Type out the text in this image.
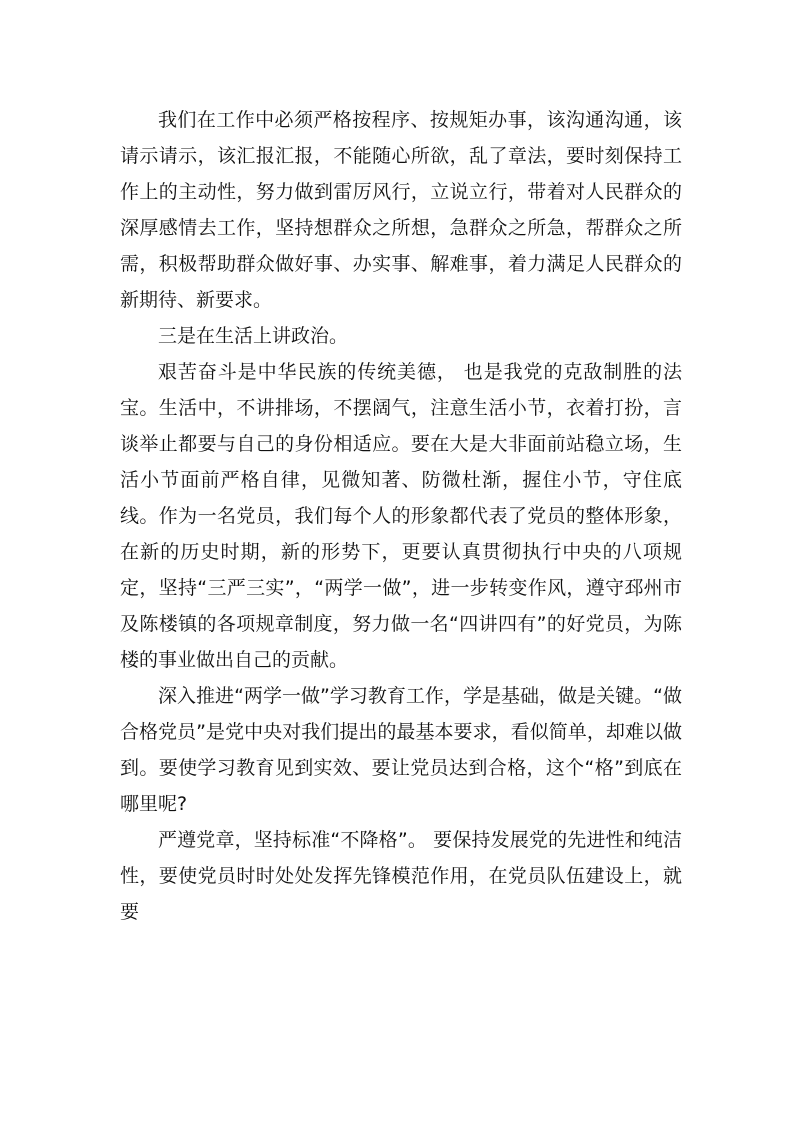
我们在工作中必须严格按程序、按规矩办事，该沟通沟通，该请示请示，该汇报汇报，不能随心所欲，乱了章法，要时刻保持工作上的主动性，努力做到雷厉风行，立说立行，带着对人民群众的深厚感情去工作，坚持想群众之所想，急群众之所急，帮群众之所需，积极帮助群众做好事、办实事、解难事，着力满足人民群众的新期待、新要求。

三是在生活上讲政治。

艰苦奋斗是中华民族的传统美德， 也是我党的克敌制胜的法宝。生活中，不讲排场，不摆阔气，注意生活小节，衣着打扮，言谈举止都要与自己的身份相适应。要在大是大非面前站稳立场，生活小节面前严格自律，见微知著、防微杜渐，握住小节，守住底线。作为一名党员，我们每个人的形象都代表了党员的整体形象，在新的历史时期，新的形势下，更要认真贯彻执行中央的八项规定，坚持“三严三实”，“两学一做”，进一步转变作风，遵守邳州市及陈楼镇的各项规章制度，努力做一名“四讲四有”的好党员，为陈楼的事业做出自己的贡献。

深入推进“两学一做”学习教育工作，学是基础，做是关键。“做合格党员”是党中央对我们提出的最基本要求，看似简单，却难以做到。要使学习教育见到实效、要让党员达到合格，这个“格”到底在哪里呢?

严遵党章，坚持标准“不降格”。 要保持发展党的先进性和纯洁性，要使党员时时处处发挥先锋模范作用，在党员队伍建设上，就要
